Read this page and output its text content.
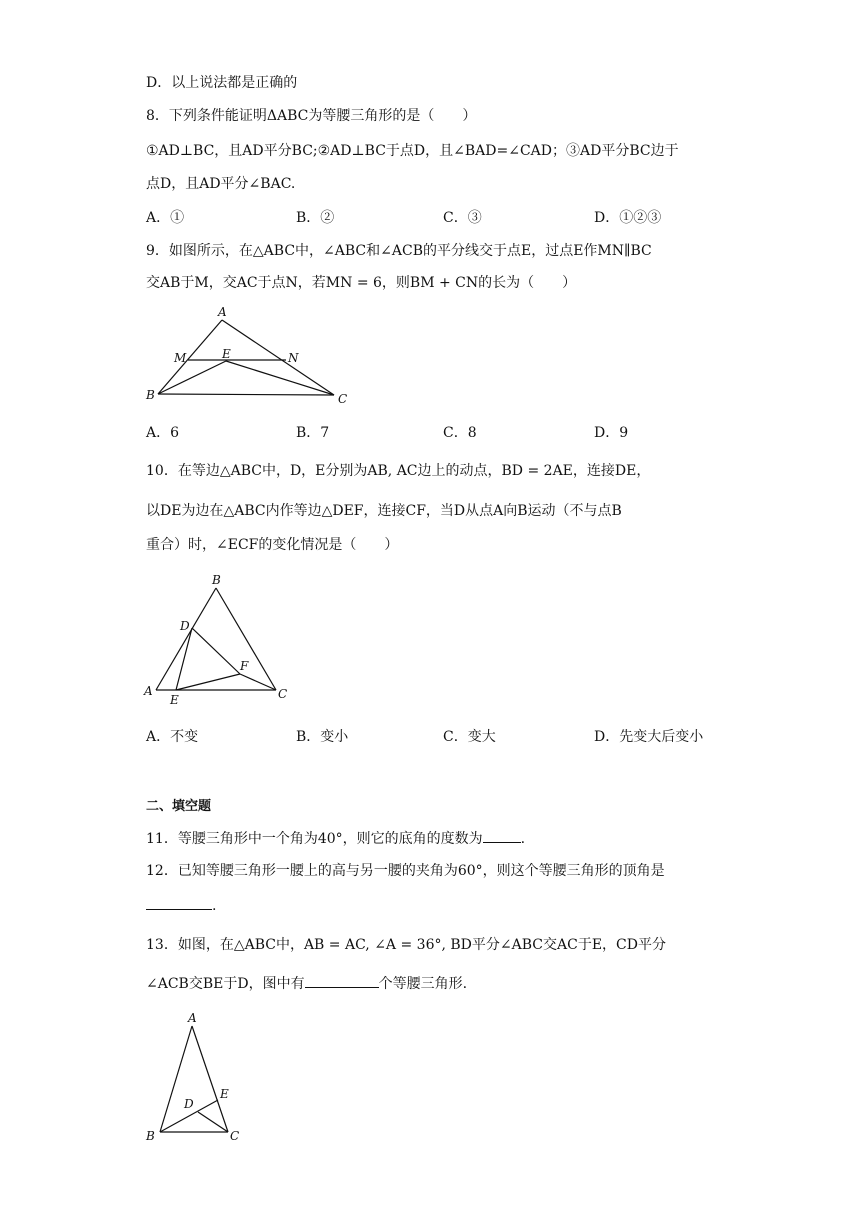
D．以上说法都是正确的
8．下列条件能证明ΔABC为等腰三角形的是（　　）
①AD⊥BC，且AD平分BC;②AD⊥BC于点D，且∠BAD=∠CAD；③AD平分BC边于
点D，且AD平分∠BAC.
A．①	B．②	C．③	D．①②③
9．如图所示，在△ABC中，∠ABC和∠ACB的平分线交于点E，过点E作MN∥BC
交AB于M，交AC于点N，若MN = 6，则BM + CN的长为（　　）
A
M	E	N
B	C
A．6	B．7	C．8	D．9
10．在等边△ABC中，D，E分别为AB, AC边上的动点，BD = 2AE，连接DE，
以DE为边在△ABC内作等边△DEF，连接CF，当D从点A向B运动（不与点B
重合）时，∠ECF的变化情况是（　　）
B
D
F
A
E	C
A．不变	B．变小	C．变大	D．先变大后变小
二、填空题
11．等腰三角形中一个角为40°，则它的底角的度数为	.
12．已知等腰三角形一腰上的高与另一腰的夹角为60°，则这个等腰三角形的顶角是
.
13．如图，在△ABC中，AB = AC, ∠A = 36°, BD平分∠ABC交AC于E，CD平分
∠ACB交BE于D，图中有	个等腰三角形.
A
E
D
B	C
